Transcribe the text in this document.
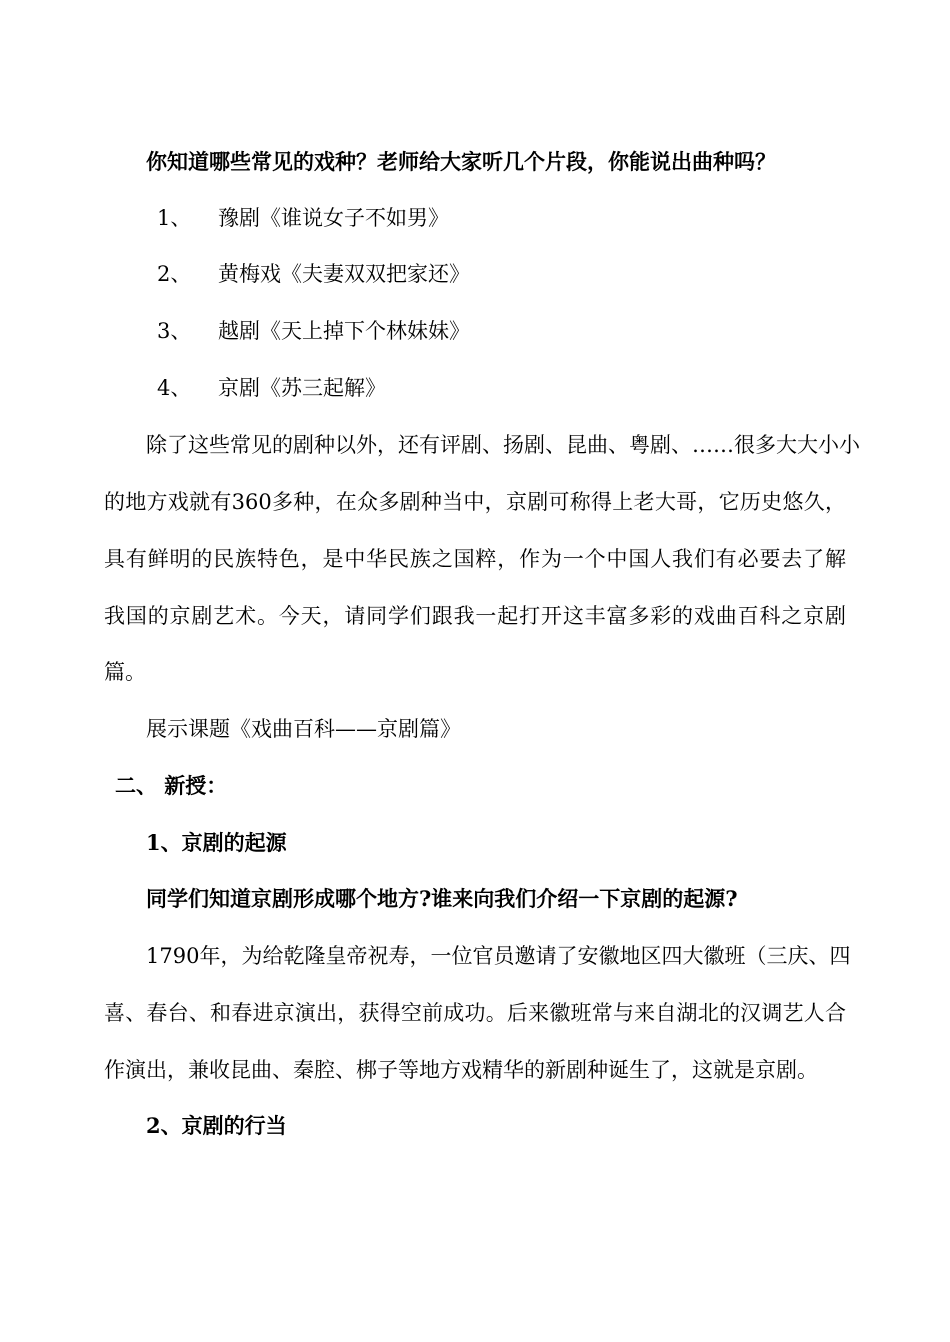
你知道哪些常见的戏种？老师给大家听几个片段，你能说出曲种吗？
1、 豫剧《谁说女子不如男》
2、 黄梅戏《夫妻双双把家还》
3、 越剧《天上掉下个林妹妹》
4、 京剧《苏三起解》
除了这些常见的剧种以外，还有评剧、扬剧、昆曲、粤剧、……很多大大小小
的地方戏就有360多种，在众多剧种当中，京剧可称得上老大哥，它历史悠久，
具有鲜明的民族特色，是中华民族之国粹，作为一个中国人我们有必要去了解
我国的京剧艺术。今天，请同学们跟我一起打开这丰富多彩的戏曲百科之京剧
篇。
展示课题《戏曲百科——京剧篇》
二、 新授：
1、京剧的起源
同学们知道京剧形成哪个地方?谁来向我们介绍一下京剧的起源?
1790年，为给乾隆皇帝祝寿，一位官员邀请了安徽地区四大徽班（三庆、四
喜、春台、和春进京演出，获得空前成功。后来徽班常与来自湖北的汉调艺人合
作演出，兼收昆曲、秦腔、梆子等地方戏精华的新剧种诞生了，这就是京剧。
2、京剧的行当
